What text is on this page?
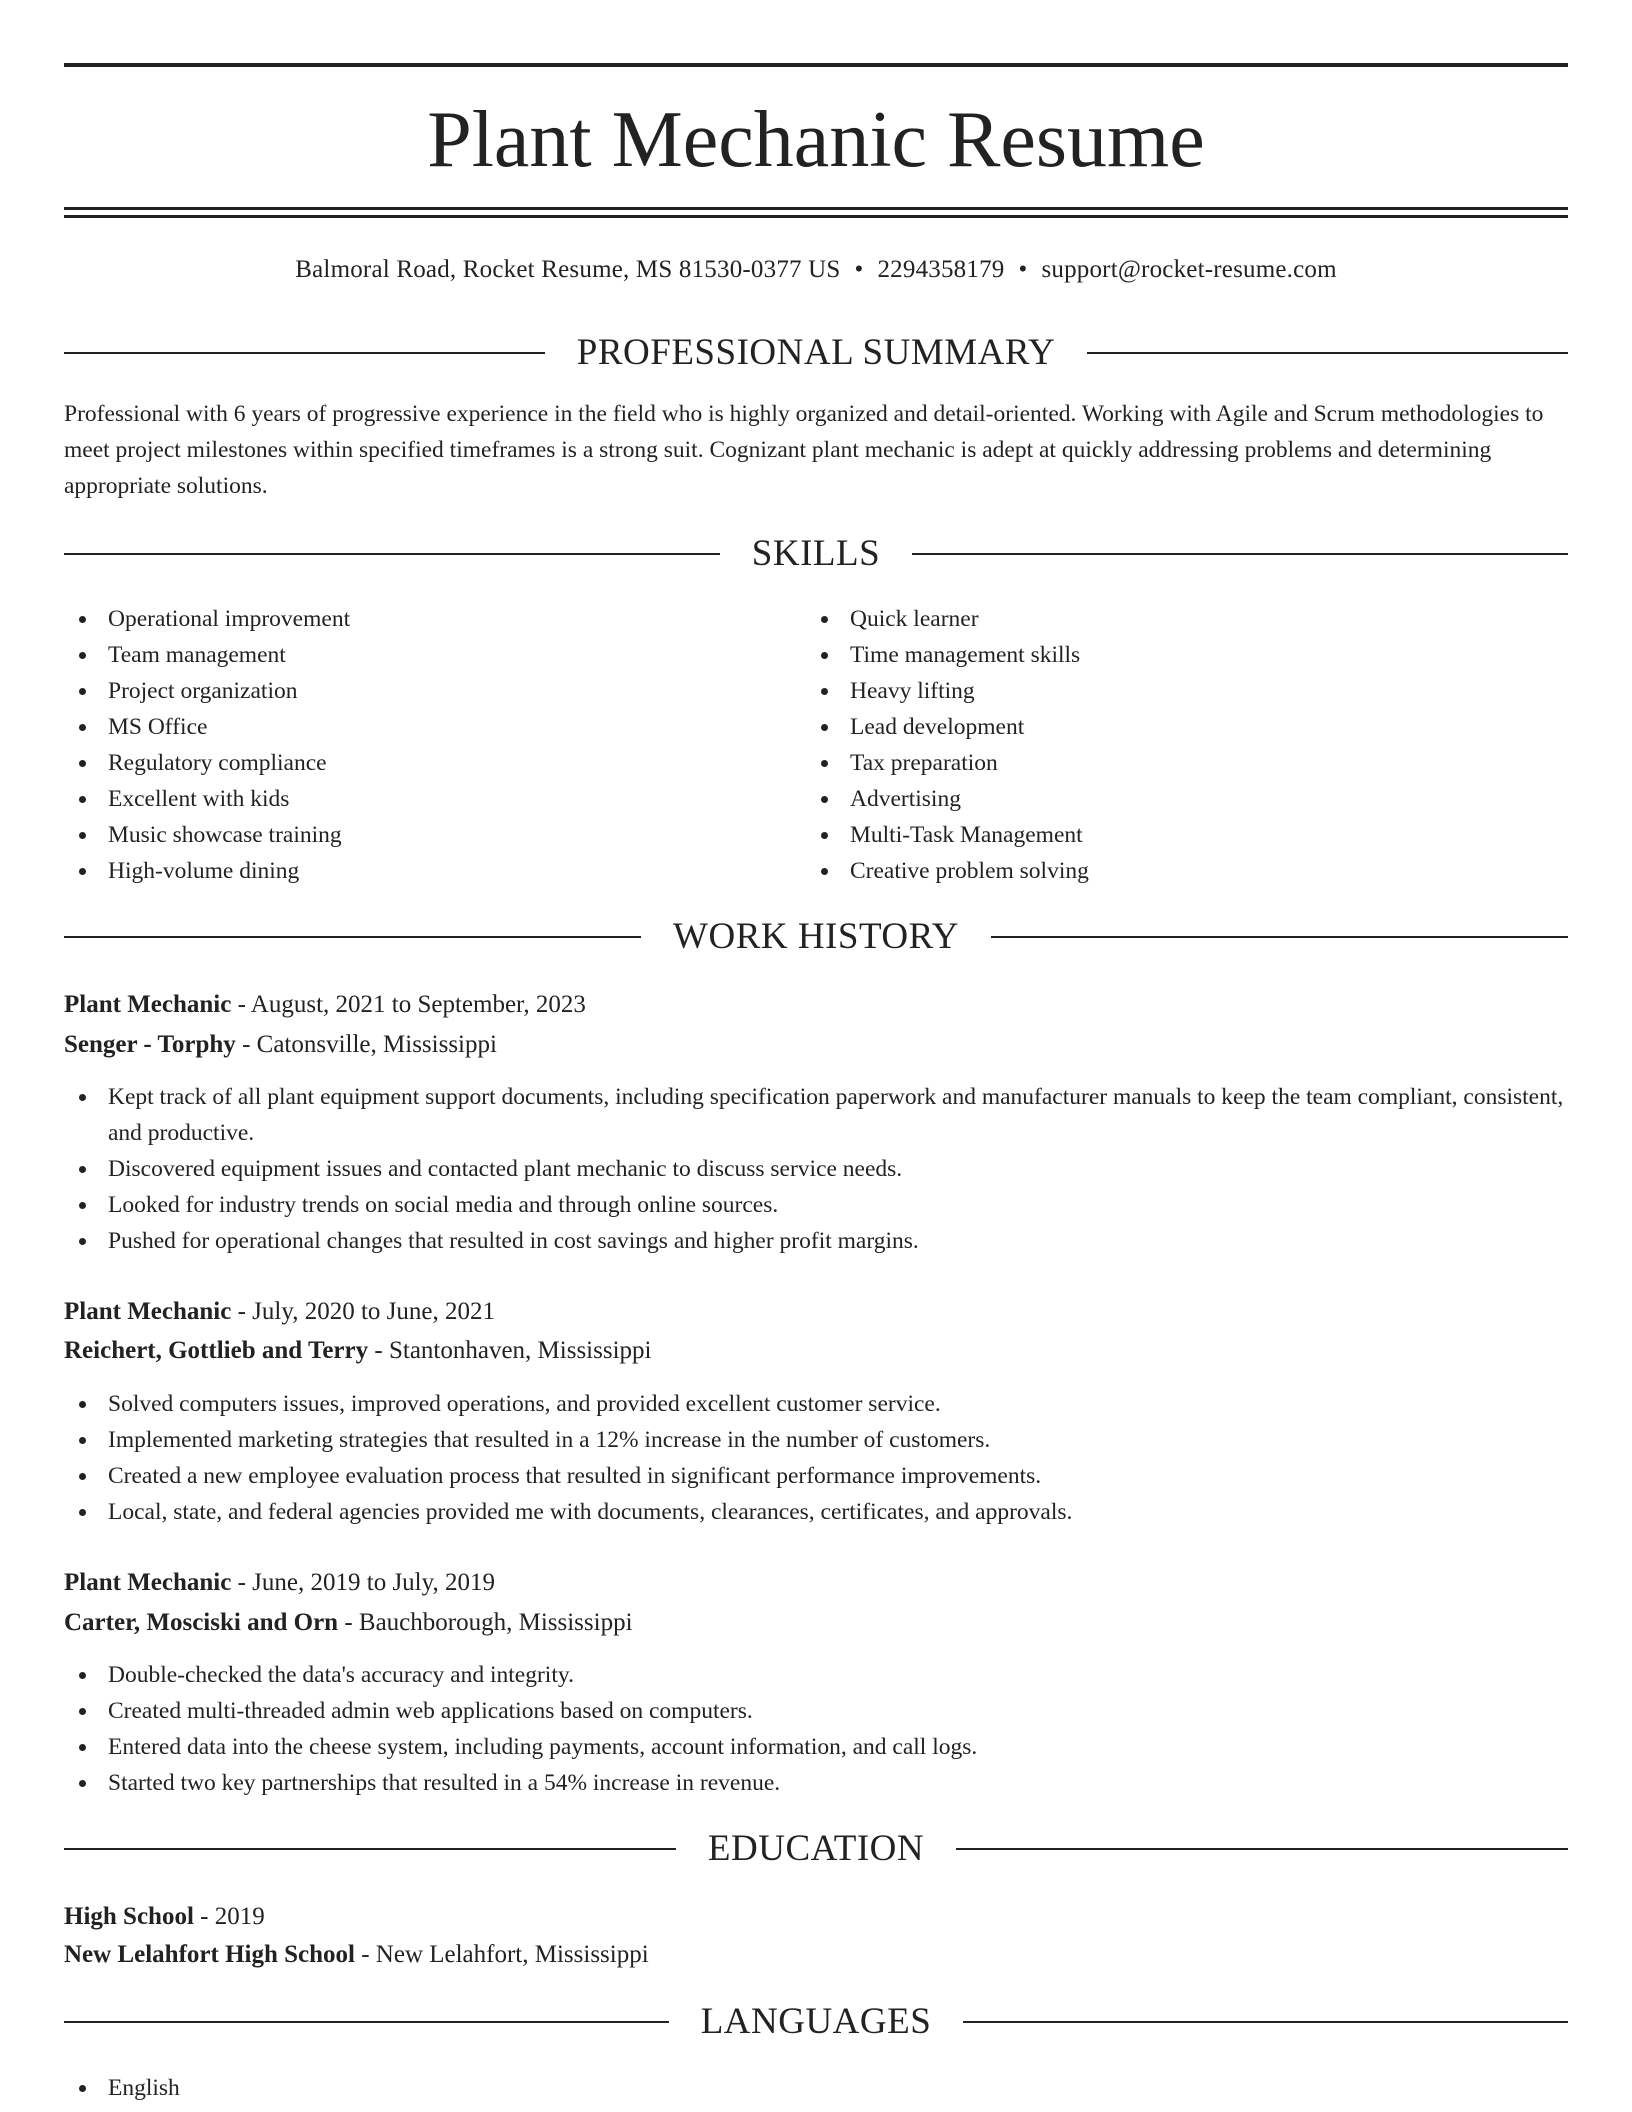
Plant Mechanic Resume
Balmoral Road, Rocket Resume, MS 81530-0377 US • 2294358179 • support@rocket-resume.com
PROFESSIONAL SUMMARY
Professional with 6 years of progressive experience in the field who is highly organized and detail-oriented. Working with Agile and Scrum methodologies to meet project milestones within specified timeframes is a strong suit. Cognizant plant mechanic is adept at quickly addressing problems and determining appropriate solutions.
SKILLS
Operational improvement
Team management
Project organization
MS Office
Regulatory compliance
Excellent with kids
Music showcase training
High-volume dining
Quick learner
Time management skills
Heavy lifting
Lead development
Tax preparation
Advertising
Multi-Task Management
Creative problem solving
WORK HISTORY
Plant Mechanic - August, 2021 to September, 2023
Senger - Torphy - Catonsville, Mississippi
Kept track of all plant equipment support documents, including specification paperwork and manufacturer manuals to keep the team compliant, consistent, and productive.
Discovered equipment issues and contacted plant mechanic to discuss service needs.
Looked for industry trends on social media and through online sources.
Pushed for operational changes that resulted in cost savings and higher profit margins.
Plant Mechanic - July, 2020 to June, 2021
Reichert, Gottlieb and Terry - Stantonhaven, Mississippi
Solved computers issues, improved operations, and provided excellent customer service.
Implemented marketing strategies that resulted in a 12% increase in the number of customers.
Created a new employee evaluation process that resulted in significant performance improvements.
Local, state, and federal agencies provided me with documents, clearances, certificates, and approvals.
Plant Mechanic - June, 2019 to July, 2019
Carter, Mosciski and Orn - Bauchborough, Mississippi
Double-checked the data's accuracy and integrity.
Created multi-threaded admin web applications based on computers.
Entered data into the cheese system, including payments, account information, and call logs.
Started two key partnerships that resulted in a 54% increase in revenue.
EDUCATION
High School - 2019
New Lelahfort High School - New Lelahfort, Mississippi
LANGUAGES
English
